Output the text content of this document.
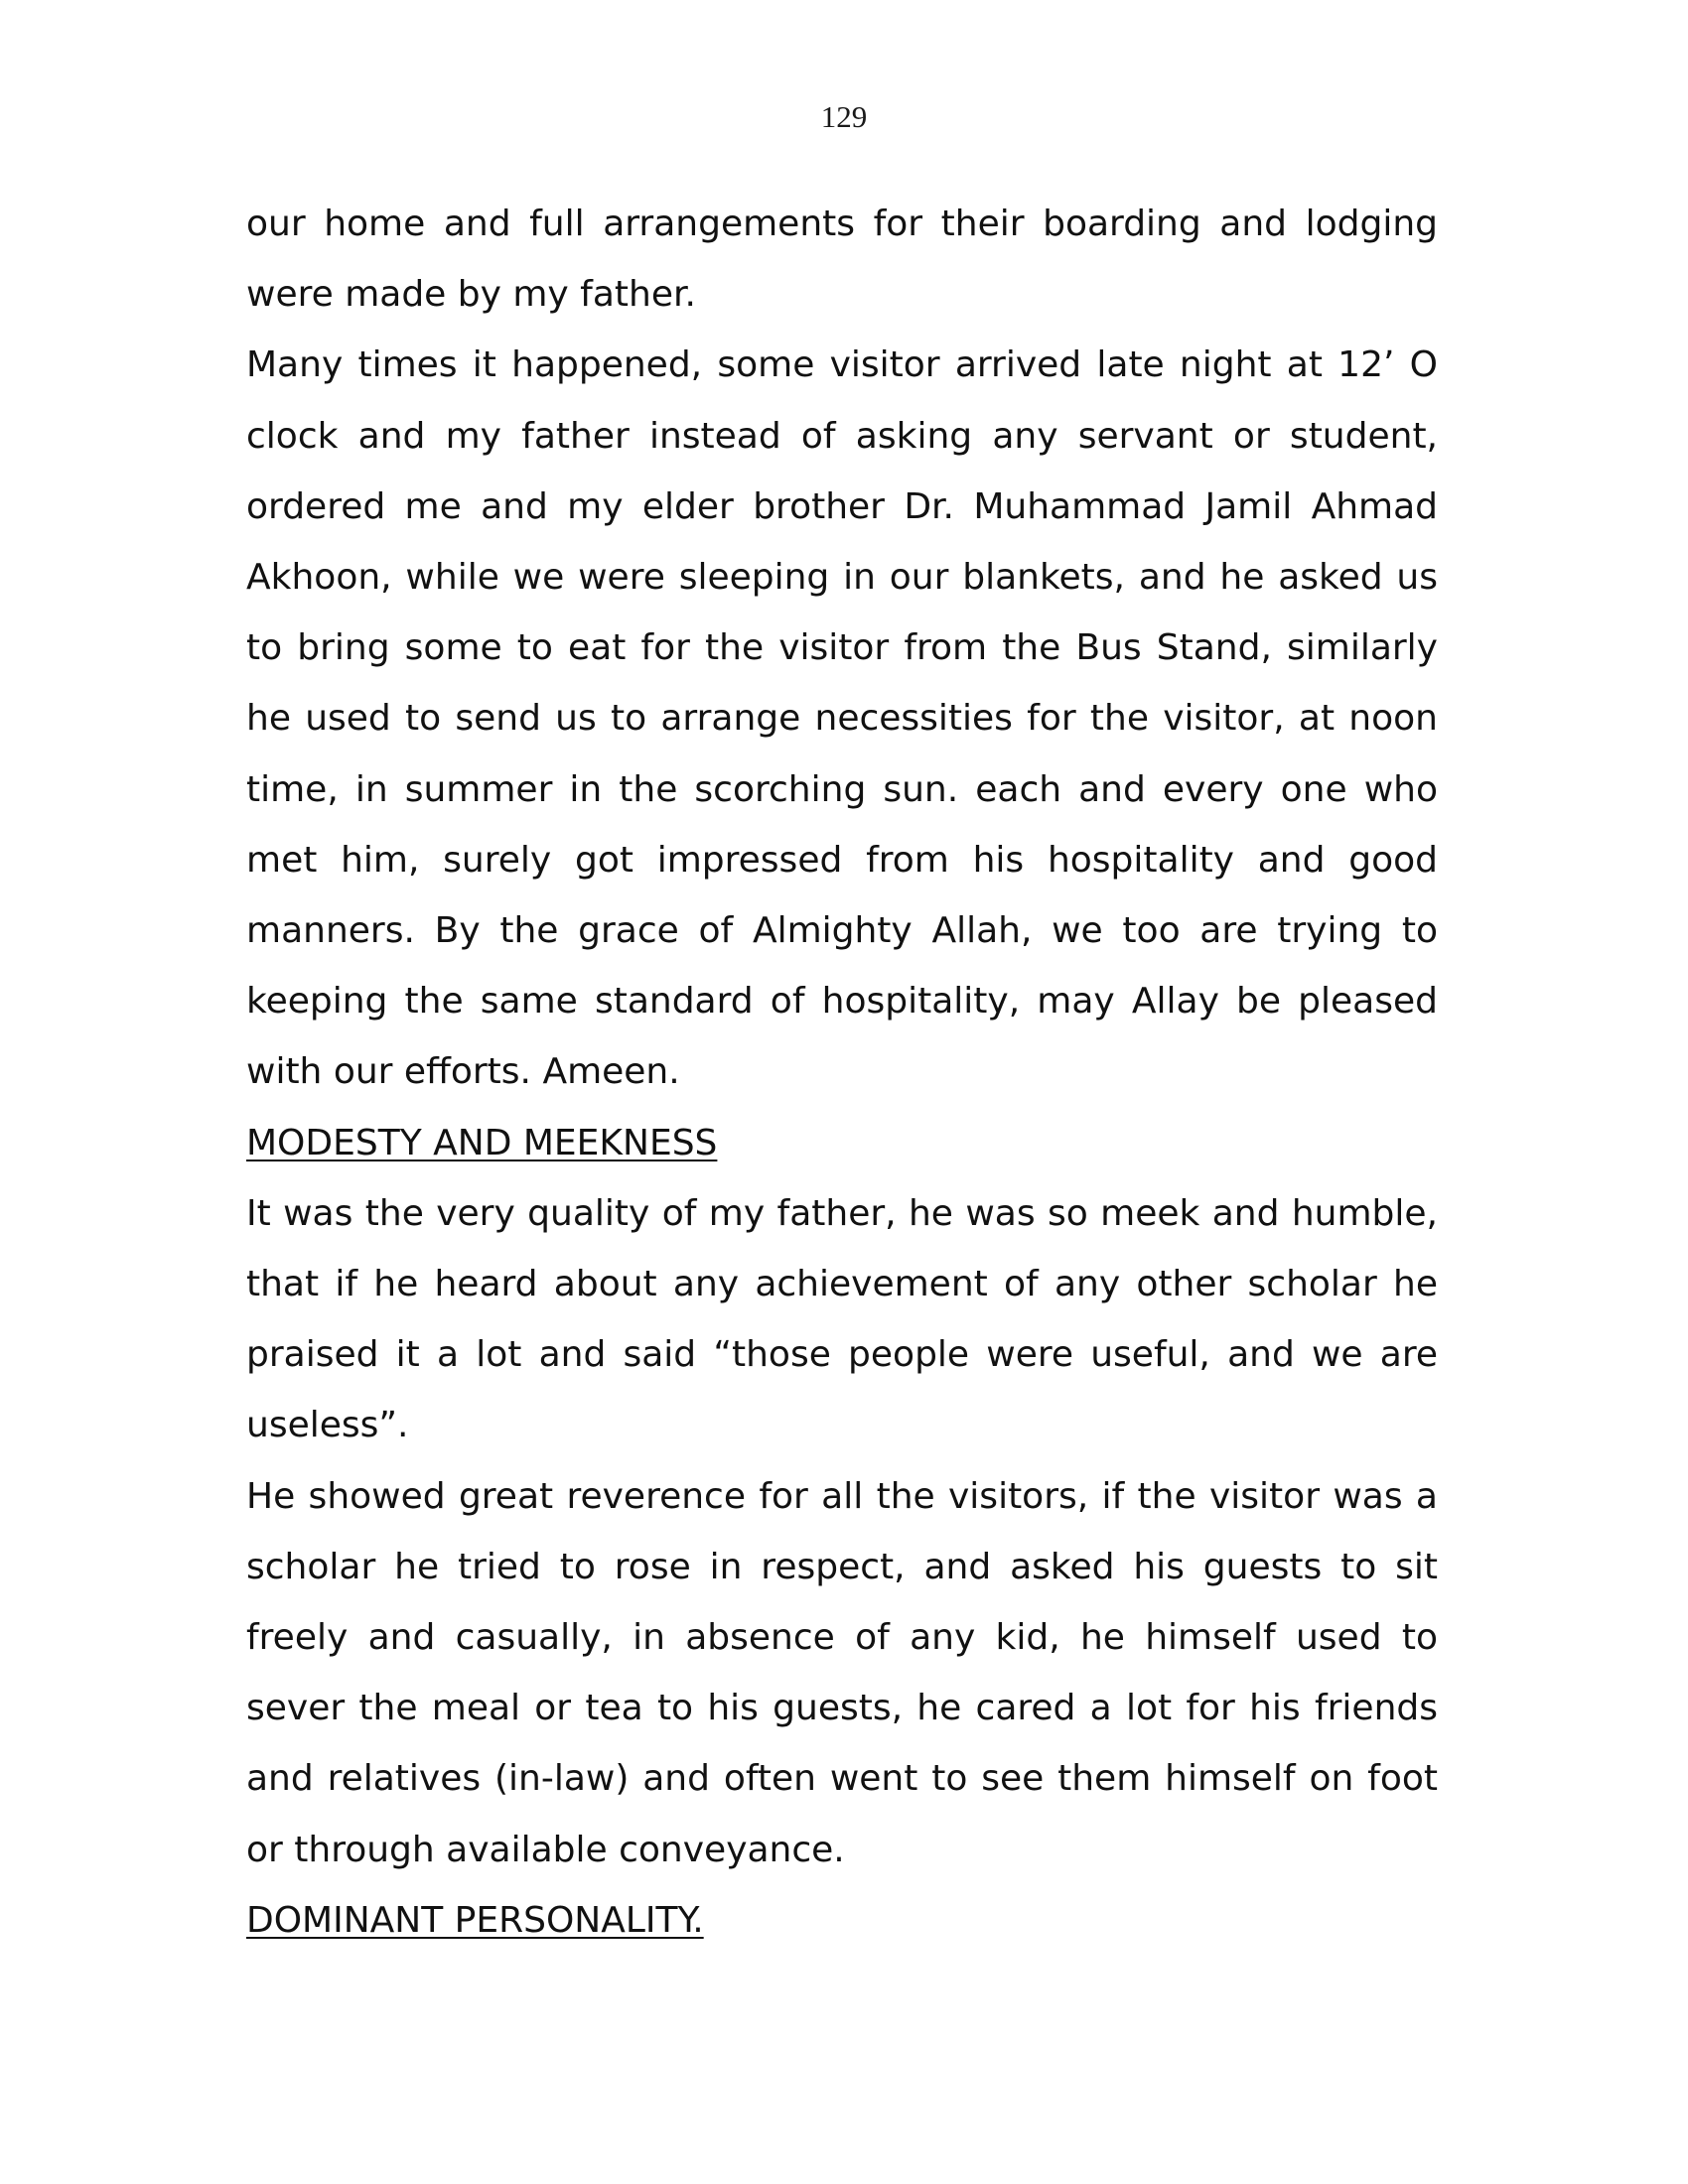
129

our home and full arrangements for their boarding and lodging were made by my father.

Many times it happened, some visitor arrived late night at 12’ O clock and my father instead of asking any servant or student, ordered me and my elder brother Dr. Muhammad Jamil Ahmad Akhoon, while we were sleeping in our blankets, and he asked us to bring some to eat for the visitor from the Bus Stand, similarly he used to send us to arrange necessities for the visitor, at noon time, in summer in the scorching sun. each and every one who met him, surely got impressed from his hospitality and good manners. By the grace of Almighty Allah, we too are trying to keeping the same standard of hospitality, may Allay be pleased with our efforts. Ameen.

MODESTY AND MEEKNESS

It was the very quality of my father, he was so meek and humble, that if he heard about any achievement of any other scholar he praised it a lot and said “those people were useful, and we are useless”.

He showed great reverence for all the visitors, if the visitor was a scholar he tried to rose in respect, and asked his guests to sit freely and casually, in absence of any kid, he himself used to sever the meal or tea to his guests, he cared a lot for his friends and relatives (in-law) and often went to see them himself on foot or through available conveyance.

DOMINANT PERSONALITY.
